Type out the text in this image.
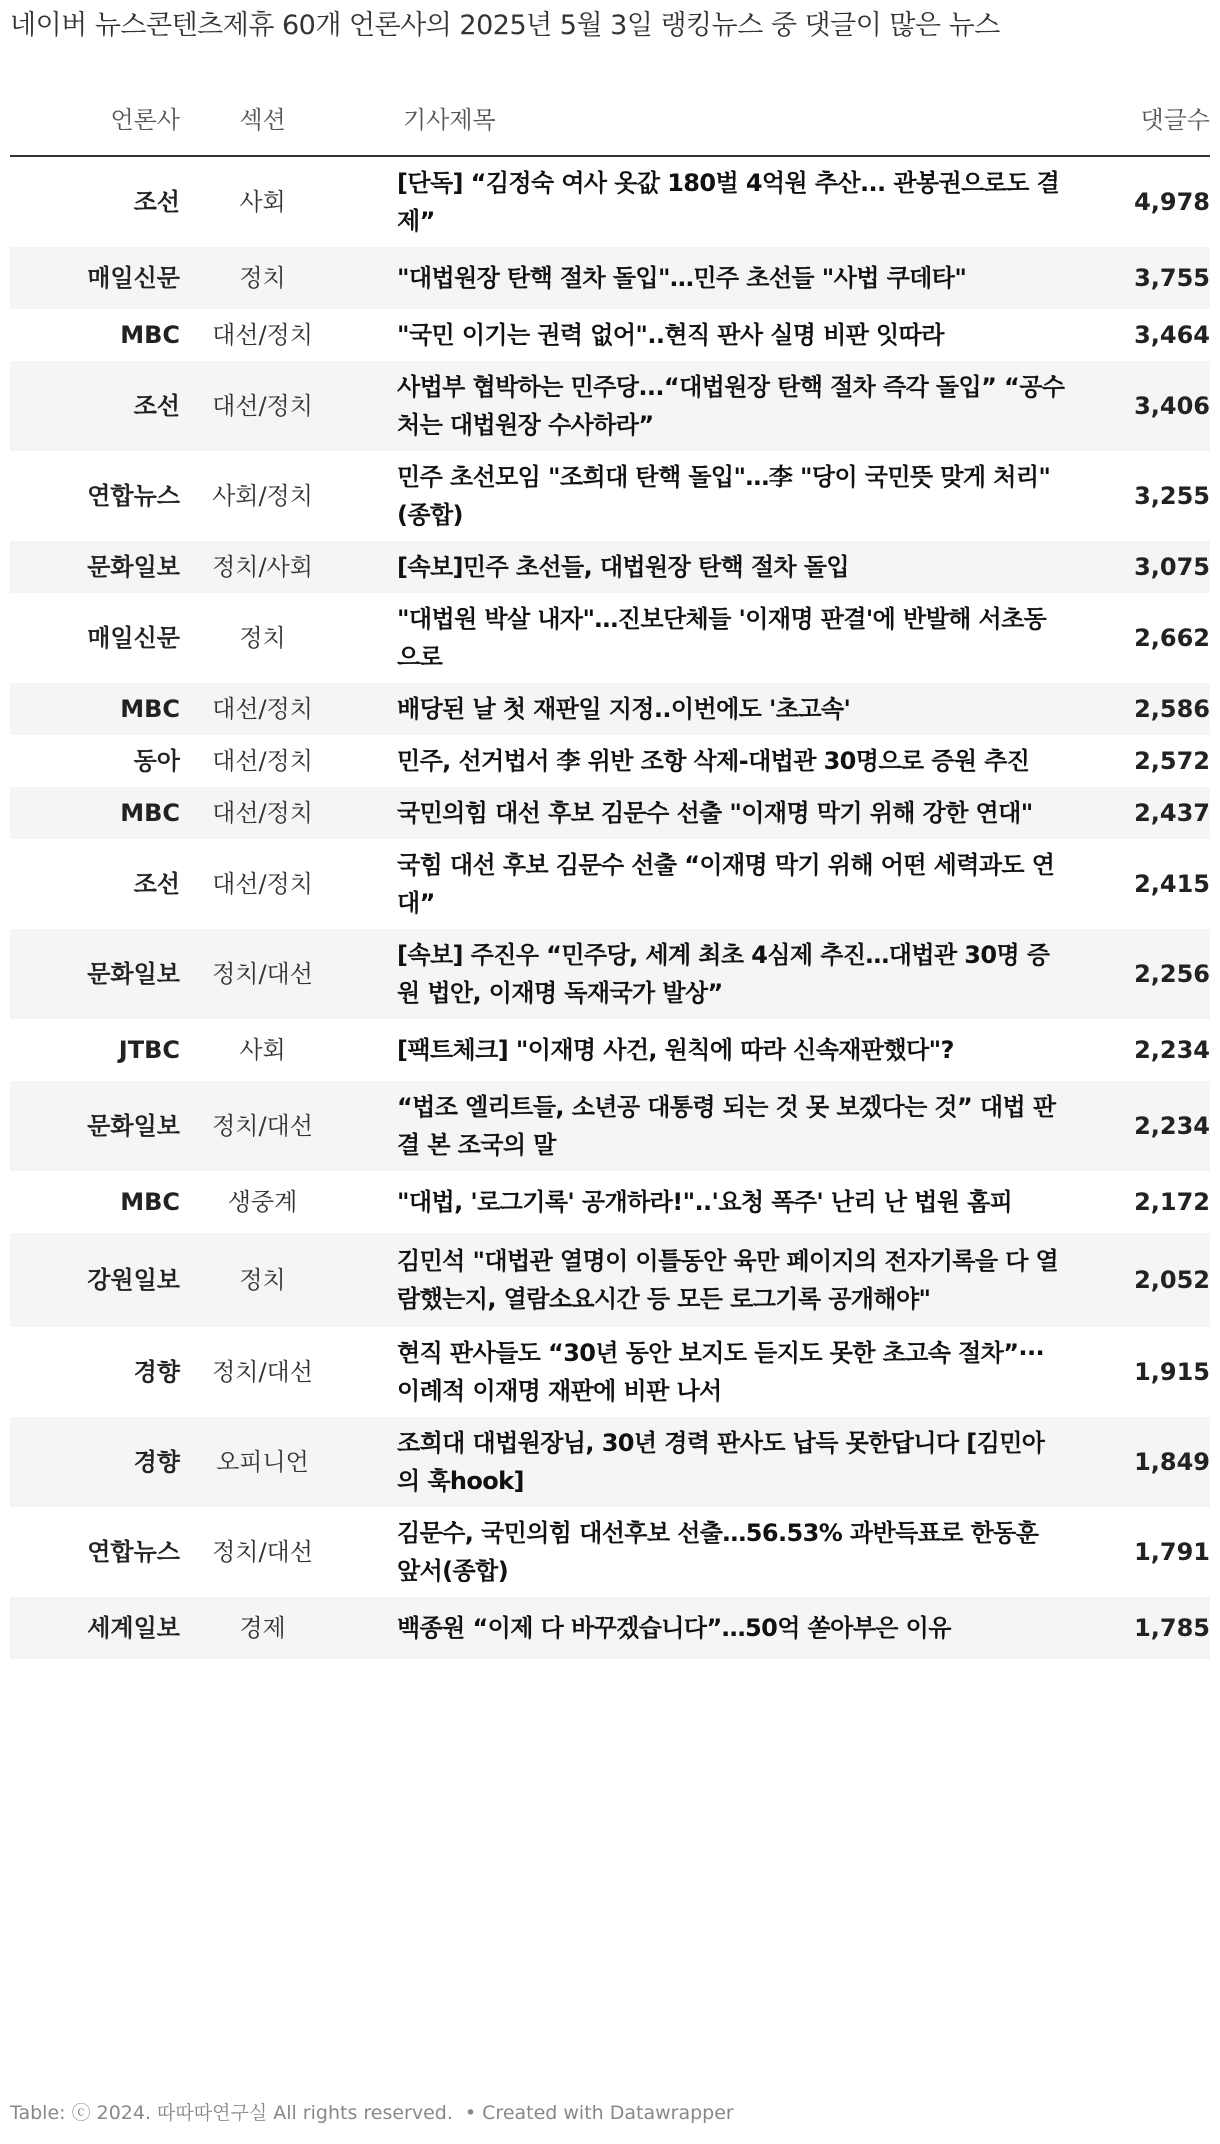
네이버 뉴스콘텐츠제휴 60개 언론사의 2025년 5월 3일 랭킹뉴스 중 댓글이 많은 뉴스
언론사	섹션	기사제목	댓글수
조선	사회	[단독] “김정숙 여사 옷값 180벌 4억원 추산... 관봉권으로도 결제”	4,978
매일신문	정치	"대법원장 탄핵 절차 돌입"…민주 초선들 "사법 쿠데타"	3,755
MBC	대선/정치	"국민 이기는 권력 없어"..현직 판사 실명 비판 잇따라	3,464
조선	대선/정치	사법부 협박하는 민주당...“대법원장 탄핵 절차 즉각 돌입” “공수처는 대법원장 수사하라”	3,406
연합뉴스	사회/정치	민주 초선모임 "조희대 탄핵 돌입"…李 "당이 국민뜻 맞게 처리"(종합)	3,255
문화일보	정치/사회	[속보]민주 초선들, 대법원장 탄핵 절차 돌입	3,075
매일신문	정치	"대법원 박살 내자"…진보단체들 '이재명 판결'에 반발해 서초동으로	2,662
MBC	대선/정치	배당된 날 첫 재판일 지정..이번에도 '초고속'	2,586
동아	대선/정치	민주, 선거법서 李 위반 조항 삭제-대법관 30명으로 증원 추진	2,572
MBC	대선/정치	국민의힘 대선 후보 김문수 선출 "이재명 막기 위해 강한 연대"	2,437
조선	대선/정치	국힘 대선 후보 김문수 선출 “이재명 막기 위해 어떤 세력과도 연대”	2,415
문화일보	정치/대선	[속보] 주진우 “민주당, 세계 최초 4심제 추진…대법관 30명 증원 법안, 이재명 독재국가 발상”	2,256
JTBC	사회	[팩트체크] "이재명 사건, 원칙에 따라 신속재판했다"?	2,234
문화일보	정치/대선	“법조 엘리트들, 소년공 대통령 되는 것 못 보겠다는 것” 대법 판결 본 조국의 말	2,234
MBC	생중계	"대법, '로그기록' 공개하라!"..'요청 폭주' 난리 난 법원 홈피	2,172
강원일보	정치	김민석 "대법관 열명이 이틀동안 육만 페이지의 전자기록을 다 열람했는지, 열람소요시간 등 모든 로그기록 공개해야"	2,052
경향	정치/대선	현직 판사들도 “30년 동안 보지도 듣지도 못한 초고속 절차”···이례적 이재명 재판에 비판 나서	1,915
경향	오피니언	조희대 대법원장님, 30년 경력 판사도 납득 못한답니다 [김민아의 훅hook]	1,849
연합뉴스	정치/대선	김문수, 국민의힘 대선후보 선출…56.53% 과반득표로 한동훈 앞서(종합)	1,791
세계일보	경제	백종원 “이제 다 바꾸겠습니다”…50억 쏟아부은 이유	1,785
Table: ⓒ 2024. 따따따연구실 All rights reserved. • Created with Datawrapper
